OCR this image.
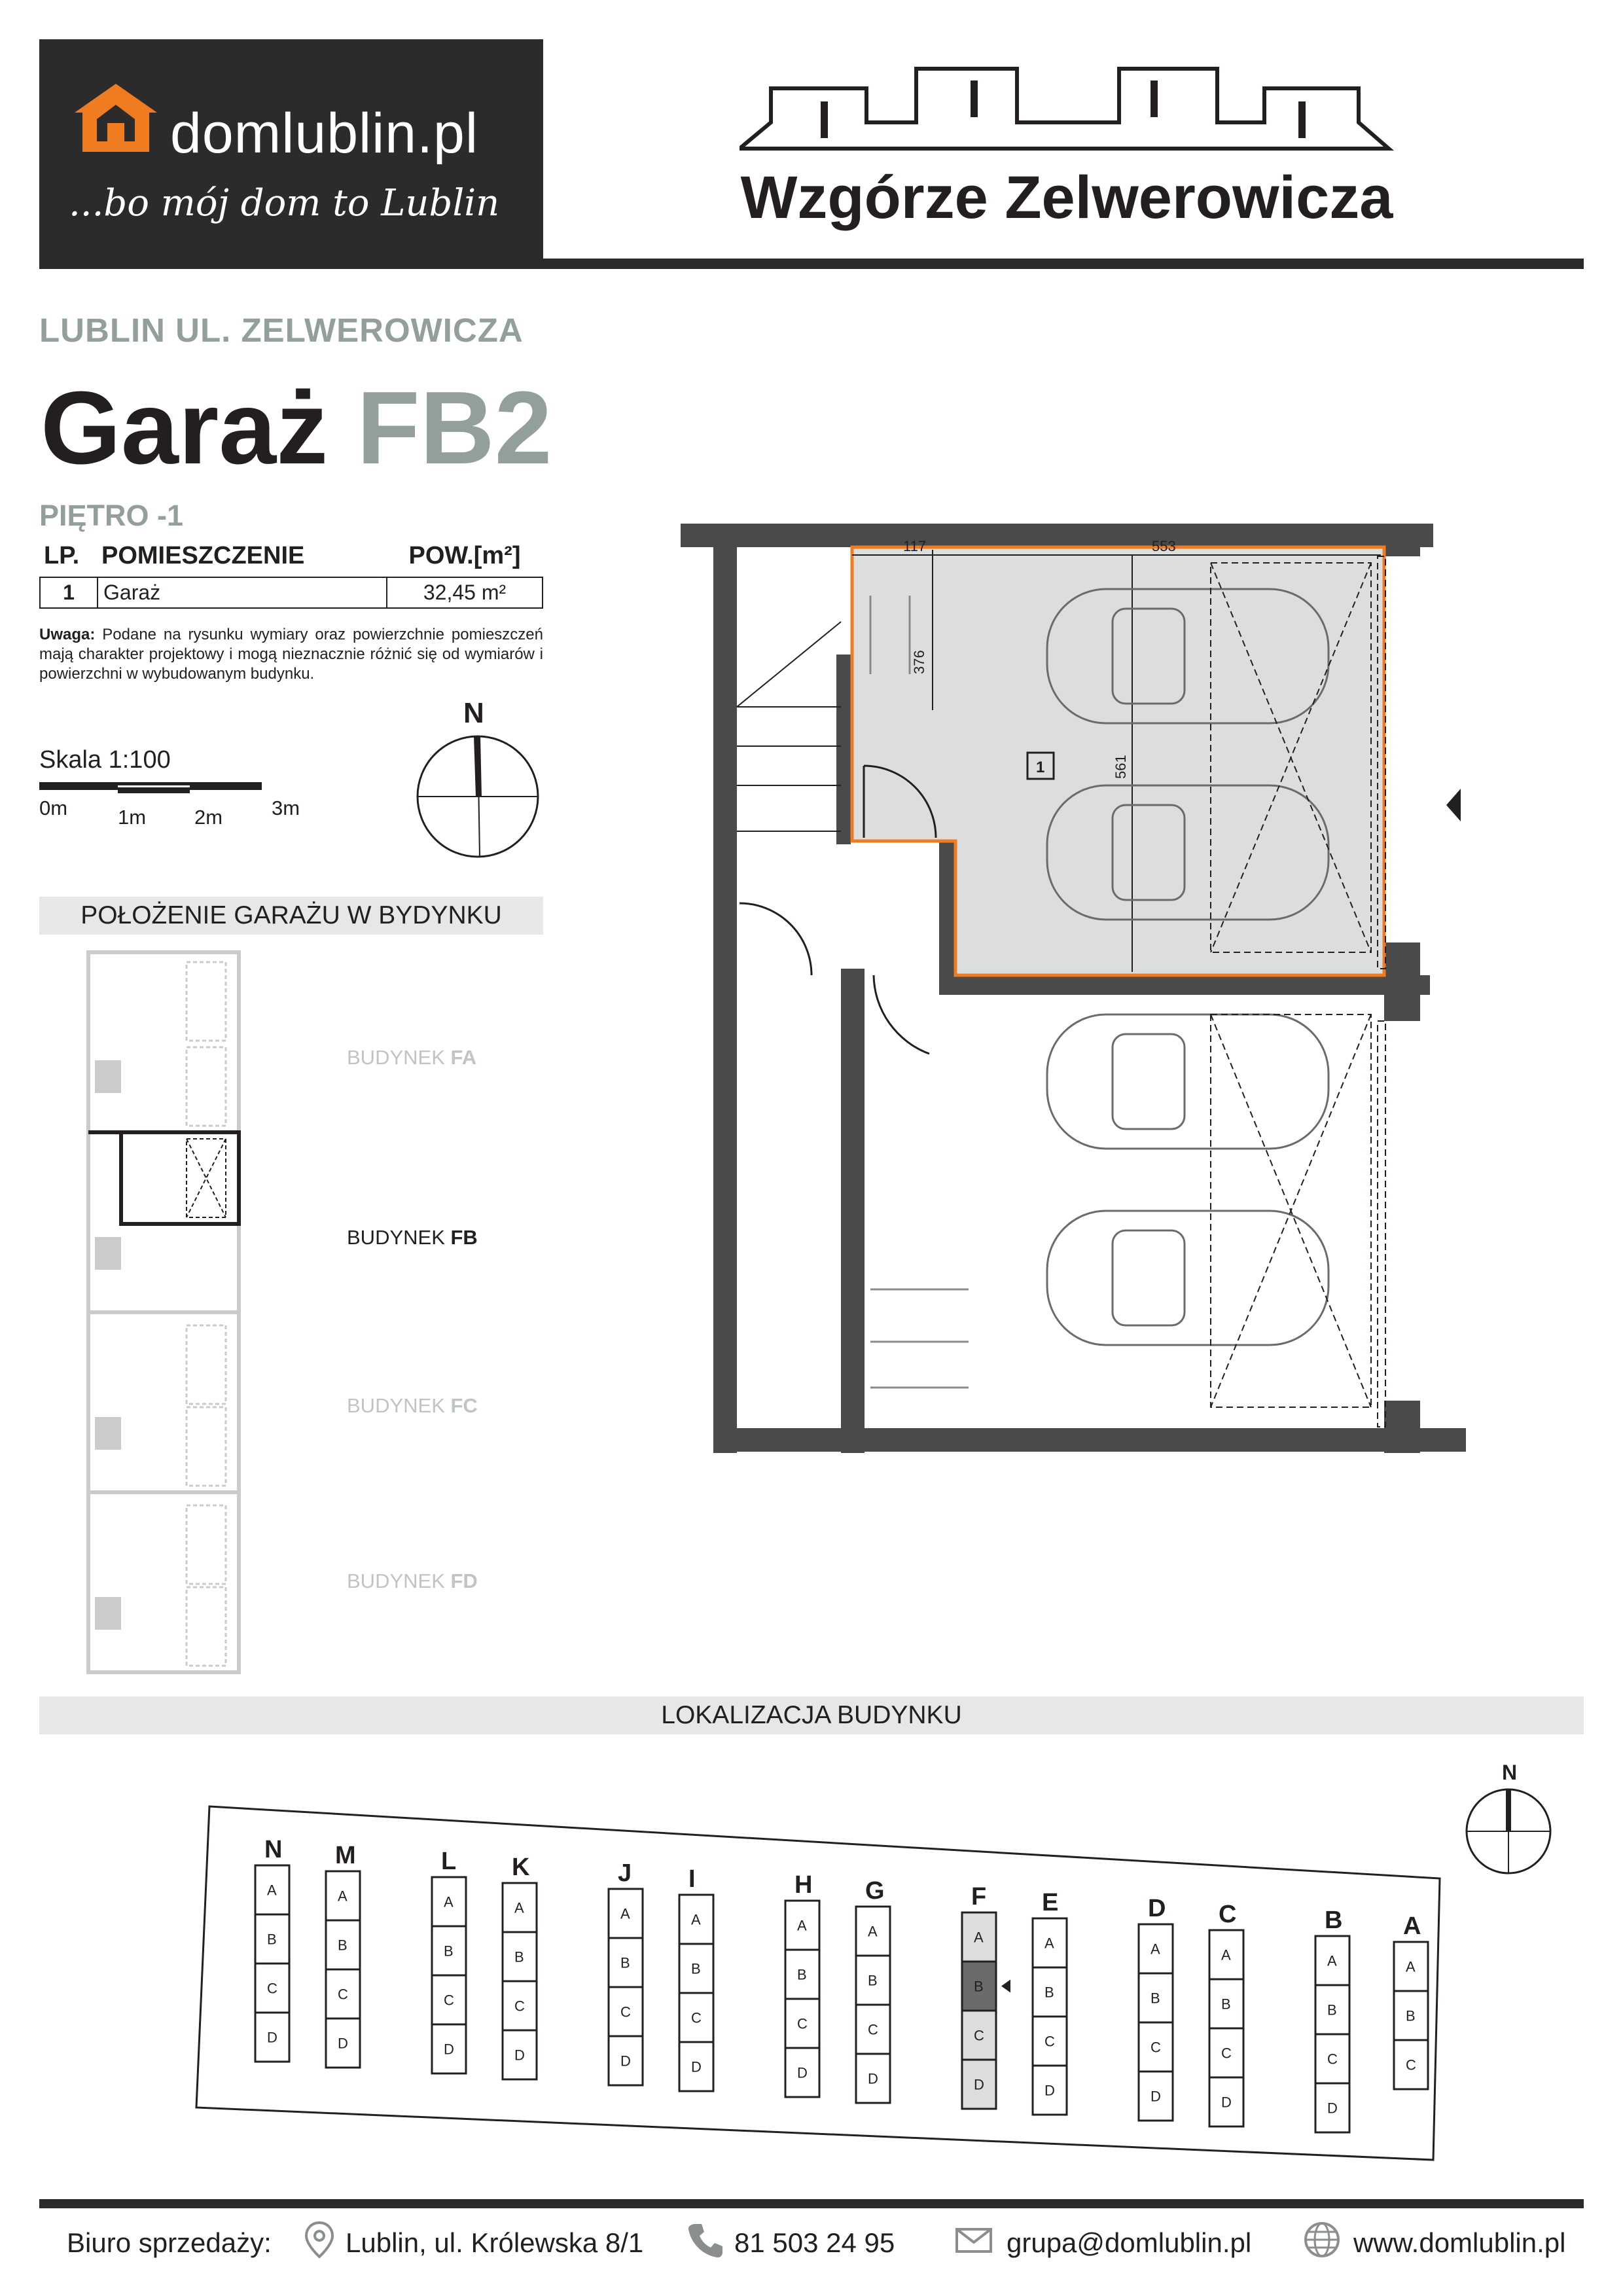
domlublin.pl
...bo mój dom to Lublin	Wzgórze Zelwerowicza
LUBLIN UL. ZELWEROWICZA
Garaż FB2
PIĘTRO -1
LP.	POMIESZCZENIE	POW.[m²]
1	Garaż	32,45 m²
Uwaga: Podane na rysunku wymiary oraz powierzchnie pomieszczeń mają charakter projektowy i mogą nieznacznie różnić się od wymiarów i powierzchni w wybudowanym budynku.
Skala 1:100
0m 1m 2m 3m
N
POŁOŻENIE GARAŻU W BYDYNKU
BUDYNEK FA
BUDYNEK FB
BUDYNEK FC
BUDYNEK FD
117	553
376
561
1
LOKALIZACJA BUDYNKU
N
N
A
B
C
D
M
A
B
C
D
L
A
B
C
D
K
A
B
C
D
J
A
B
C
D
I
A
B
C
D
H
A
B
C
D
G
A
B
C
D
F
A
B
C
D
E
A
B
C
D
D
A
B
C
D
C
A
B
C
D
B
A
B
C
D
A
A
B
C
Biuro sprzedaży:	Lublin, ul. Królewska 8/1	81 503 24 95	grupa@domlublin.pl	www.domlublin.pl
